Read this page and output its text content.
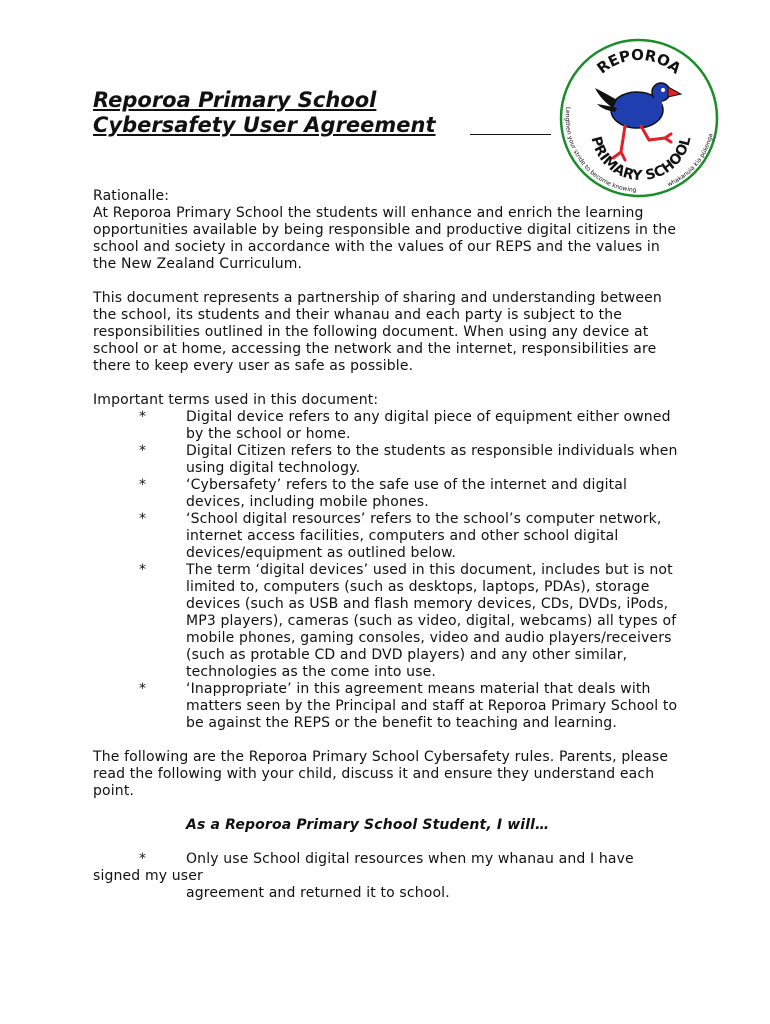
Reporoa Primary School
Cybersafety User Agreement
REPOROA
PRIMARY SCHOOL
Lengthen your stride to become knowing
whakanuia kia pūkenga

Rationalle:

At Reporoa Primary School the students will enhance and enrich the learning opportunities available by being responsible and productive digital citizens in the school and society in accordance with the values of our REPS and the values in the New Zealand Curriculum.

This document represents a partnership of sharing and understanding between the school, its students and their whanau and each party is subject to the responsibilities outlined in the following document. When using any device at school or at home, accessing the network and the internet, responsibilities are there to keep every user as safe as possible.

Important terms used in this document:

*	Digital device refers to any digital piece of equipment either owned by the school or home.
*	Digital Citizen refers to the students as responsible individuals when using digital technology.
*	‘Cybersafety’ refers to the safe use of the internet and digital devices, including mobile phones.
*	‘School digital resources’ refers to the school’s computer network, internet access facilities, computers and other school digital devices/equipment as outlined below.
*	The term ‘digital devices’ used in this document, includes but is not limited to, computers (such as desktops, laptops, PDAs), storage devices (such as USB and flash memory devices, CDs, DVDs, iPods, MP3 players), cameras (such as video, digital, webcams) all types of mobile phones, gaming consoles, video and audio players/receivers (such as protable CD and DVD players) and any other similar, technologies as the come into use.
*	‘Inappropriate’ in this agreement means material that deals with matters seen by the Principal and staff at Reporoa Primary School to be against the REPS or the benefit to teaching and learning.

The following are the Reporoa Primary School Cybersafety rules. Parents, please read the following with your child, discuss it and ensure they understand each point.

As a Reporoa Primary School Student, I will…

*	Only use School digital resources when my whanau and I have

signed my user

agreement and returned it to school.
